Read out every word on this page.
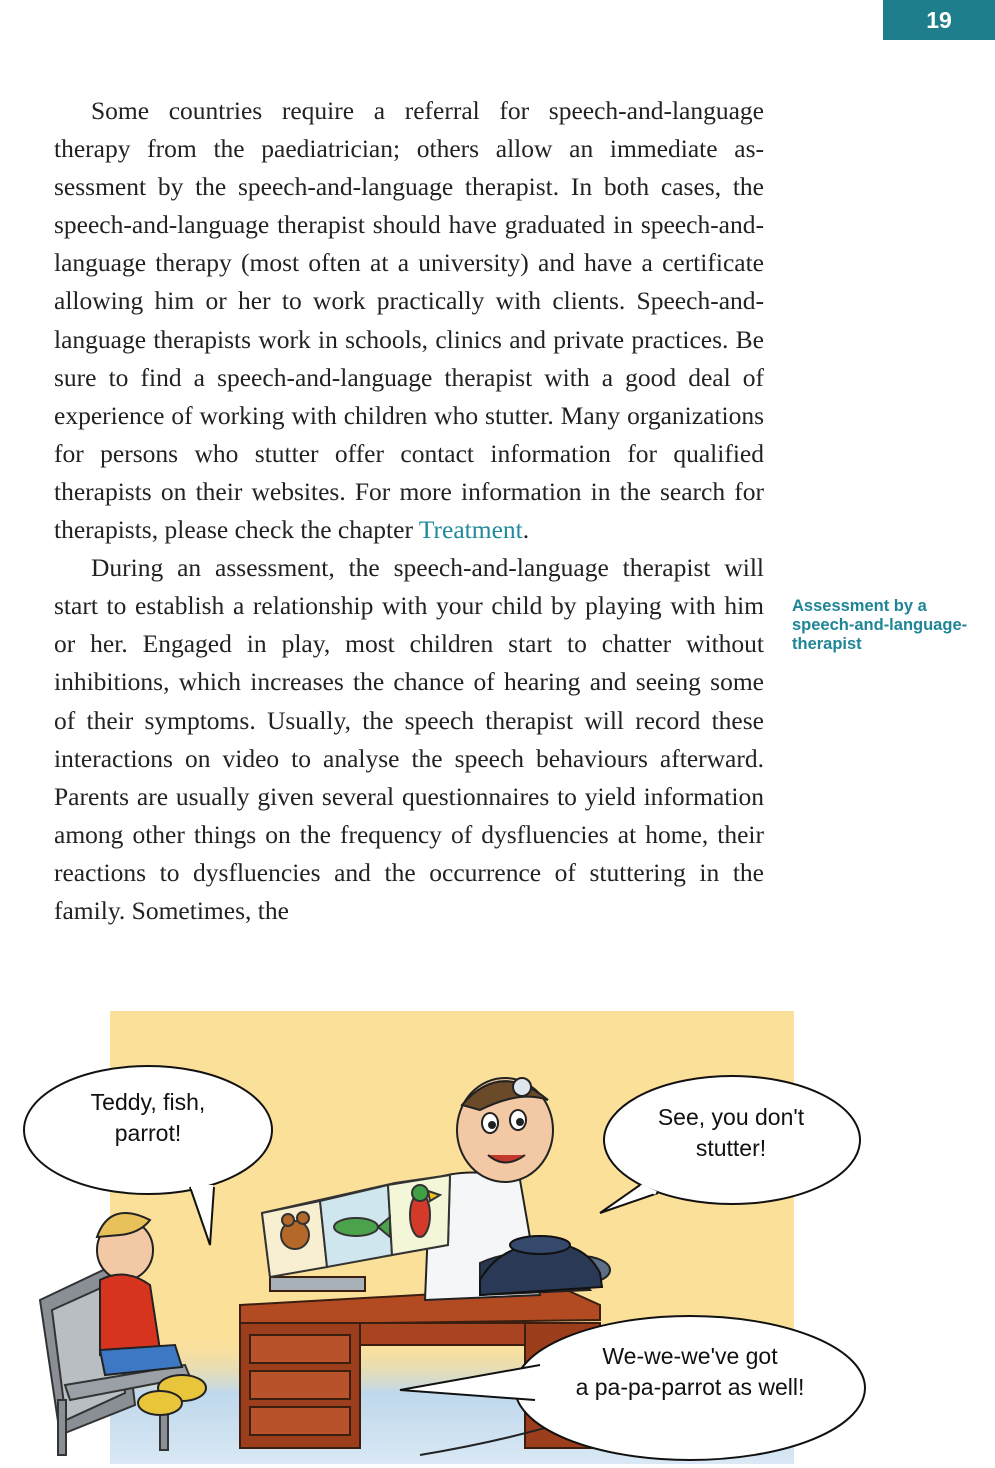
19

Some countries require a referral for speech-and-language therapy from the paediatrician; others allow an immediate assessment by the speech-and-language therapist. In both cases, the speech-and-language therapist should have graduated in speech-and-language therapy (most often at a university) and have a certificate allowing him or her to work practically with clients. Speech-and-language therapists work in schools, clinics and private practices. Be sure to find a speech-and-language therapist with a good deal of experience of working with children who stutter. Many organizations for persons who stutter offer contact information for qualified therapists on their websites. For more information in the search for therapists, please check the chapter Treatment.

During an assessment, the speech-and-language therapist will start to establish a relationship with your child by playing with him or her. Engaged in play, most children start to chatter without inhibitions, which increases the chance of hearing and seeing some of their symptoms. Usually, the speech therapist will record these interactions on video to analyse the speech behaviours afterward. Parents are usually given several questionnaires to yield information among other things on the frequency of dysfluencies at home, their reactions to dysfluencies and the occurrence of stuttering in the family. Sometimes, the

Assessment by a speech-and-language-therapist
Teddy, fish,
parrot!
See, you don't
stutter!
We-we-we've got
a pa-pa-parrot as well!
